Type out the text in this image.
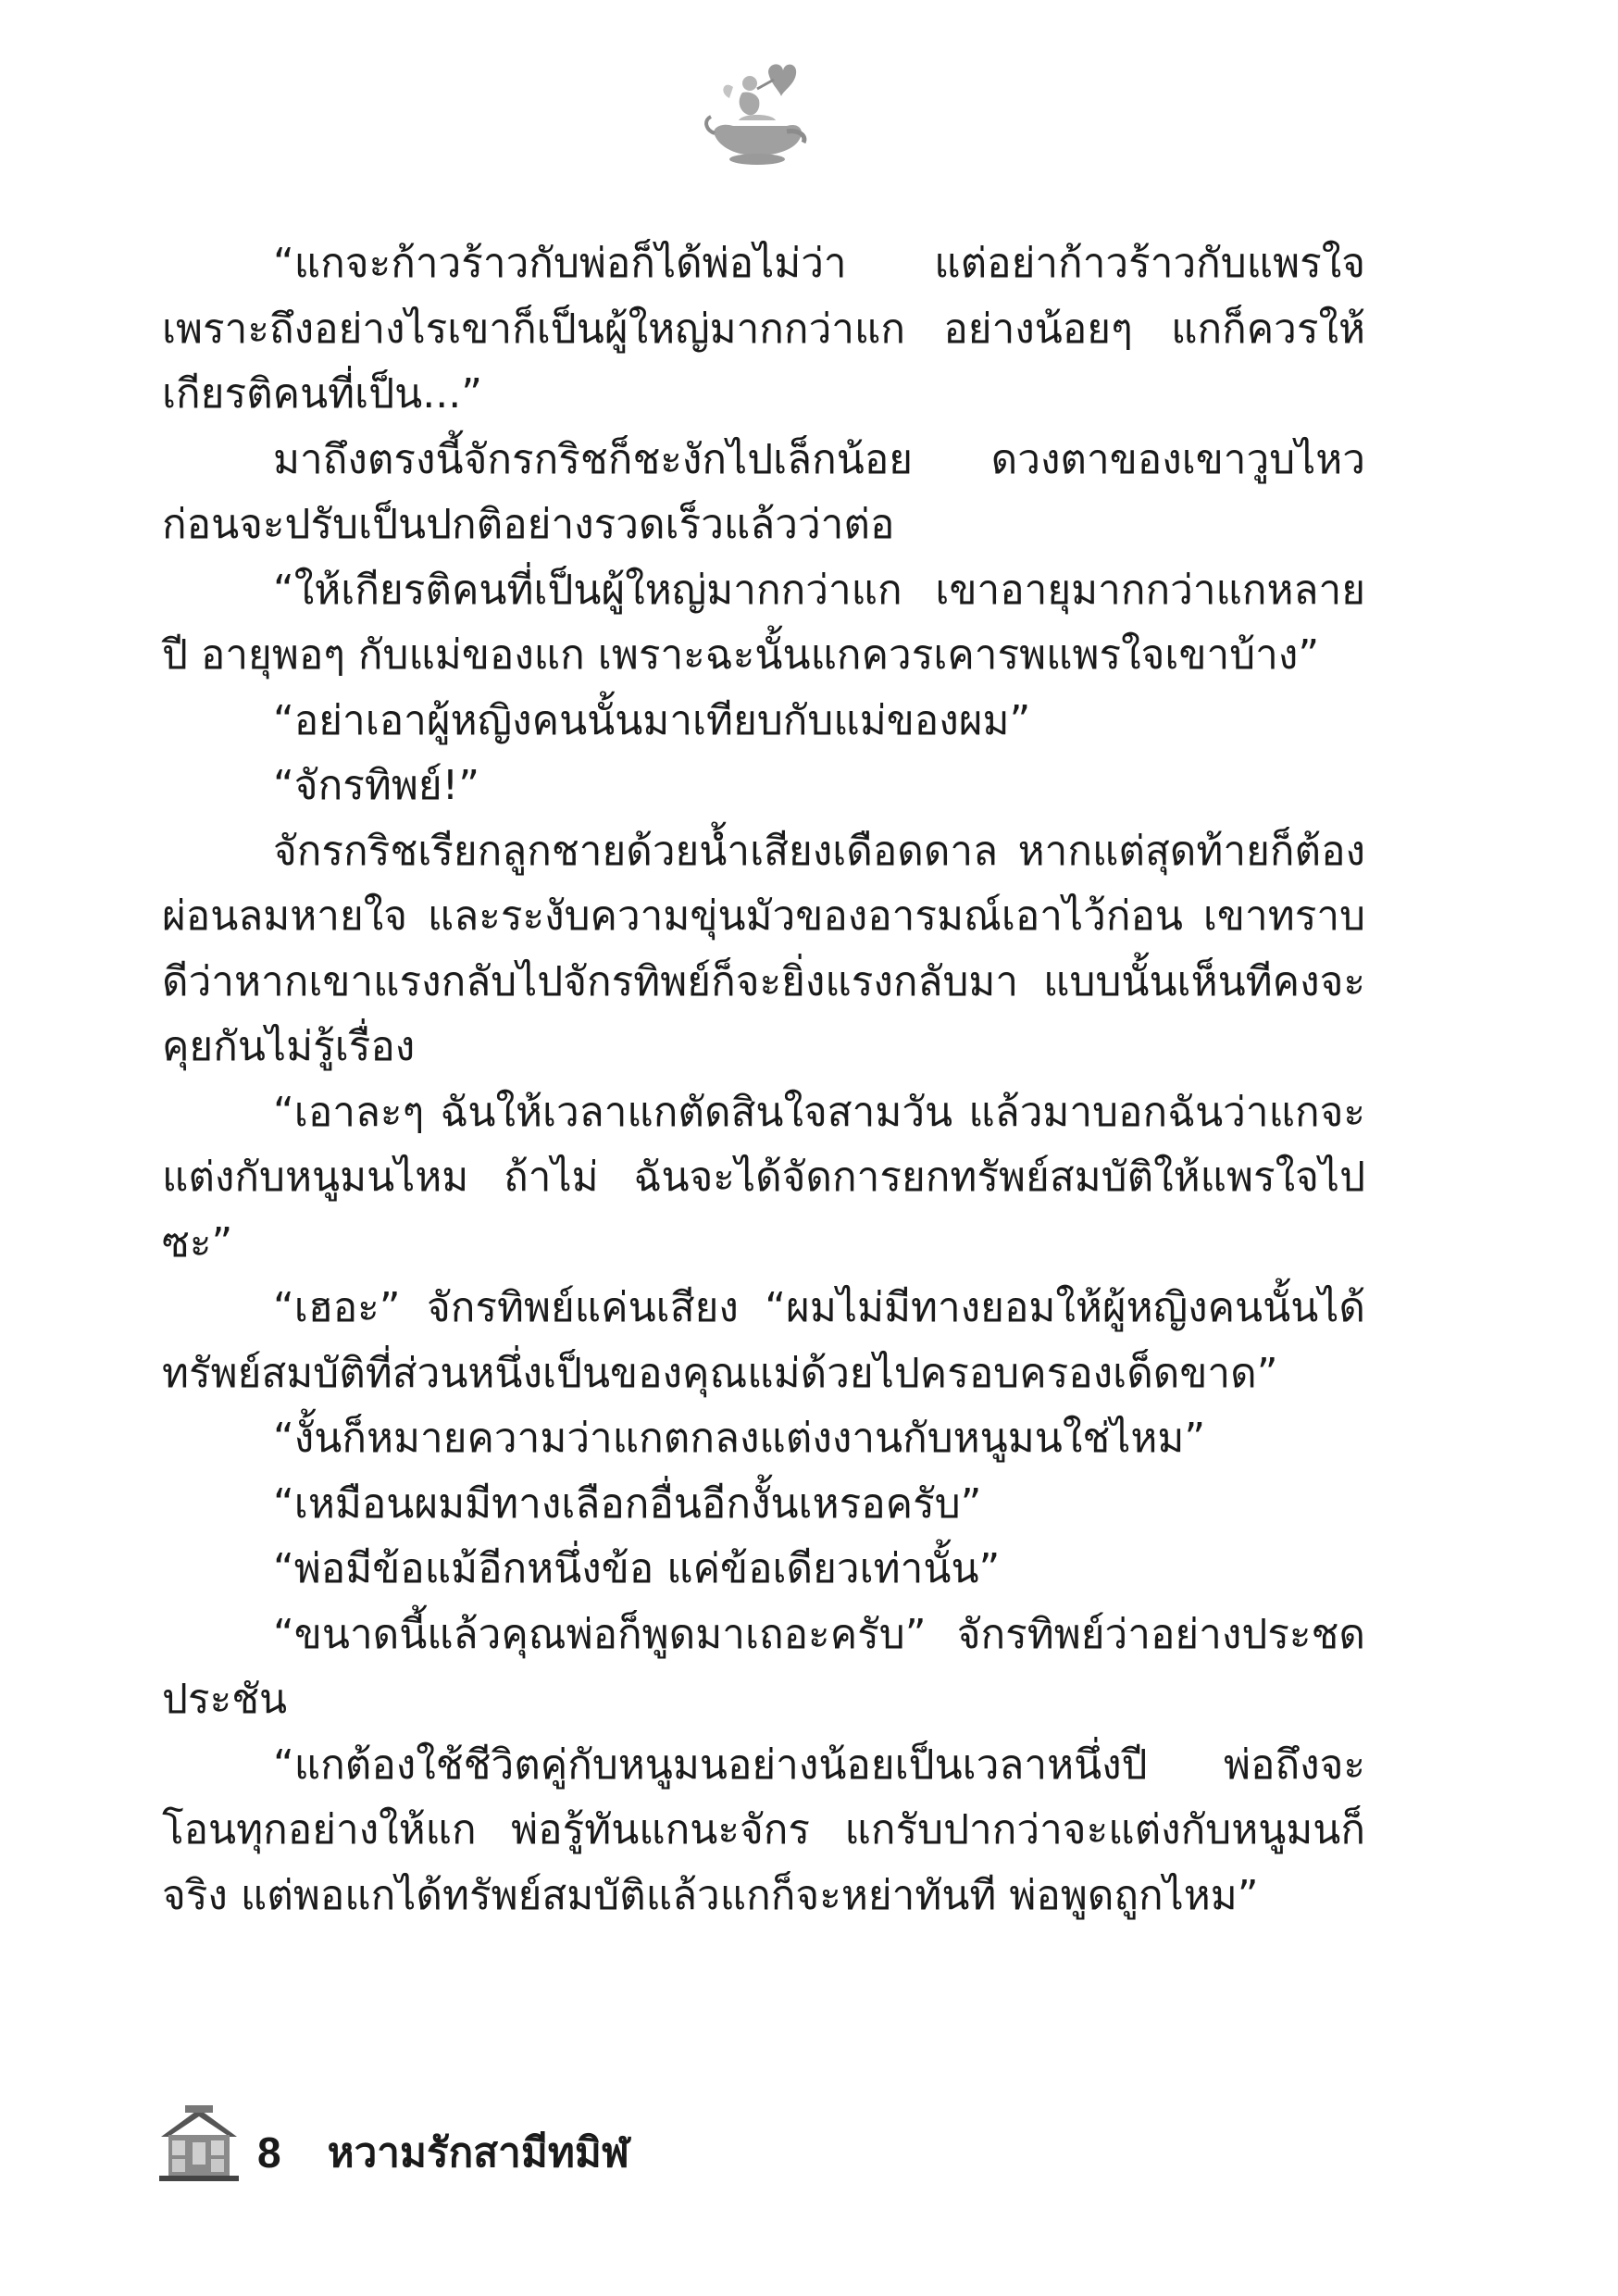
“แกจะก้าวร้าวกับพ่อก็ได้พ่อไม่ว่า แต่อย่าก้าวร้าวกับแพรใจ เพราะถึงอย่างไรเขาก็เป็นผู้ใหญ่มากกว่าแก อย่างน้อยๆ แกก็ควรให้เกียรติคนที่เป็น...”

มาถึงตรงนี้จักรกริชก็ชะงักไปเล็กน้อย ดวงตาของเขาวูบไหว ก่อนจะปรับเป็นปกติอย่างรวดเร็วแล้วว่าต่อ

“ให้เกียรติคนที่เป็นผู้ใหญ่มากกว่าแก เขาอายุมากกว่าแกหลายปี อายุพอๆ กับแม่ของแก เพราะฉะนั้นแกควรเคารพแพรใจเขาบ้าง”

“อย่าเอาผู้หญิงคนนั้นมาเทียบกับแม่ของผม”

“จักรทิพย์!”

จักรกริชเรียกลูกชายด้วยน้ำเสียงเดือดดาล หากแต่สุดท้ายก็ต้องผ่อนลมหายใจ และระงับความขุ่นมัวของอารมณ์เอาไว้ก่อน เขาทราบดีว่าหากเขาแรงกลับไปจักรทิพย์ก็จะยิ่งแรงกลับมา แบบนั้นเห็นทีคงจะคุยกันไม่รู้เรื่อง

“เอาละๆ ฉันให้เวลาแกตัดสินใจสามวัน แล้วมาบอกฉันว่าแกจะแต่งกับหนูมนไหม ถ้าไม่ ฉันจะได้จัดการยกทรัพย์สมบัติให้แพรใจไปซะ”

“เฮอะ” จักรทิพย์แค่นเสียง “ผมไม่มีทางยอมให้ผู้หญิงคนนั้นได้ทรัพย์สมบัติที่ส่วนหนึ่งเป็นของคุณแม่ด้วยไปครอบครองเด็ดขาด”

“งั้นก็หมายความว่าแกตกลงแต่งงานกับหนูมนใช่ไหม”

“เหมือนผมมีทางเลือกอื่นอีกงั้นเหรอครับ”

“พ่อมีข้อแม้อีกหนึ่งข้อ แค่ข้อเดียวเท่านั้น”

“ขนาดนี้แล้วคุณพ่อก็พูดมาเถอะครับ” จักรทิพย์ว่าอย่างประชดประชัน

“แกต้องใช้ชีวิตคู่กับหนูมนอย่างน้อยเป็นเวลาหนึ่งปี พ่อถึงจะโอนทุกอย่างให้แก พ่อรู้ทันแกนะจักร แกรับปากว่าจะแต่งกับหนูมนก็จริง แต่พอแกได้ทรัพย์สมบัติแล้วแกก็จะหย่าทันที พ่อพูดถูกไหม”

8 หวามรักสามีทมิฬ
